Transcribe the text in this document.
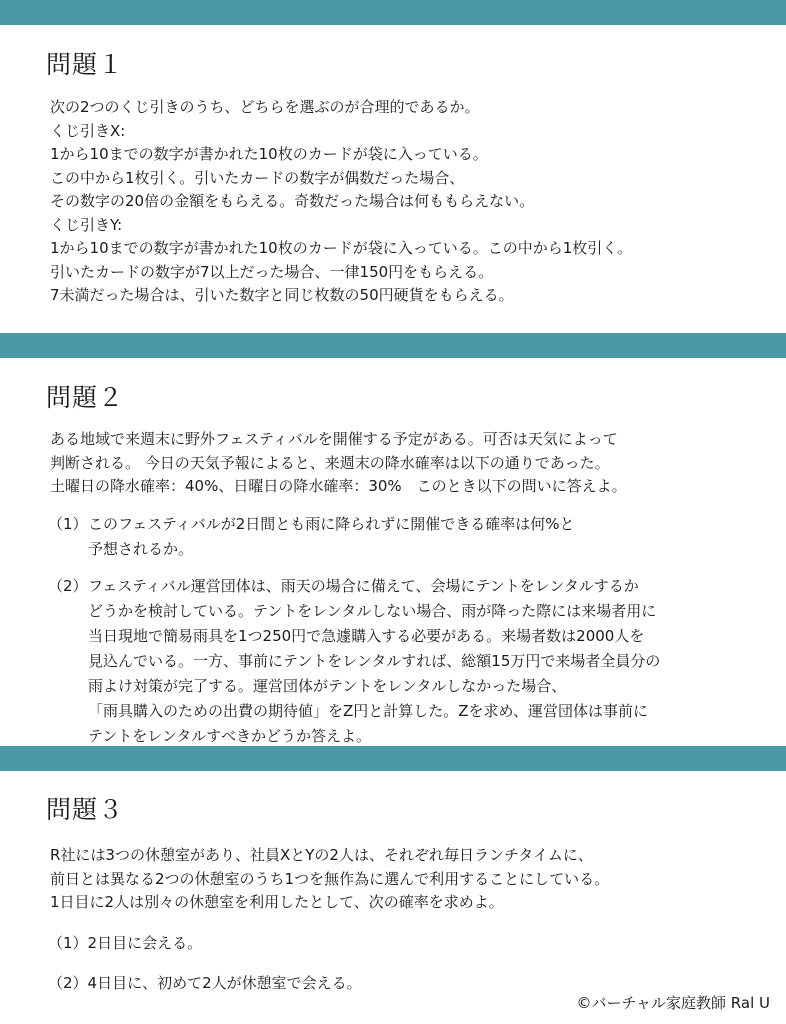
問題１
次の2つのくじ引きのうち、どちらを選ぶのが合理的であるか。
くじ引きX:
1から10までの数字が書かれた10枚のカードが袋に入っている。
この中から1枚引く。引いたカードの数字が偶数だった場合、
その数字の20倍の金額をもらえる。奇数だった場合は何ももらえない。
くじ引きY:
1から10までの数字が書かれた10枚のカードが袋に入っている。この中から1枚引く。
引いたカードの数字が7以上だった場合、一律150円をもらえる。
7未満だった場合は、引いた数字と同じ枚数の50円硬貨をもらえる。
問題２
ある地域で来週末に野外フェスティバルを開催する予定がある。可否は天気によって
判断される。 今日の天気予報によると、来週末の降水確率は以下の通りであった。
土曜日の降水確率：40%、日曜日の降水確率：30%　このとき以下の問いに答えよ。
（1）このフェスティバルが2日間とも雨に降られずに開催できる確率は何%と
予想されるか。
（2）フェスティバル運営団体は、雨天の場合に備えて、会場にテントをレンタルするか
どうかを検討している。テントをレンタルしない場合、雨が降った際には来場者用に
当日現地で簡易雨具を1つ250円で急遽購入する必要がある。来場者数は2000人を
見込んでいる。一方、事前にテントをレンタルすれば、総額15万円で来場者全員分の
雨よけ対策が完了する。運営団体がテントをレンタルしなかった場合、
「雨具購入のための出費の期待値」をZ円と計算した。Zを求め、運営団体は事前に
テントをレンタルすべきかどうか答えよ。
問題３
R社には3つの休憩室があり、社員XとYの2人は、それぞれ毎日ランチタイムに、
前日とは異なる2つの休憩室のうち1つを無作為に選んで利用することにしている。
1日目に2人は別々の休憩室を利用したとして、次の確率を求めよ。
（1）2日目に会える。
（2）4日目に、初めて2人が休憩室で会える。
©バーチャル家庭教師 Ral U
